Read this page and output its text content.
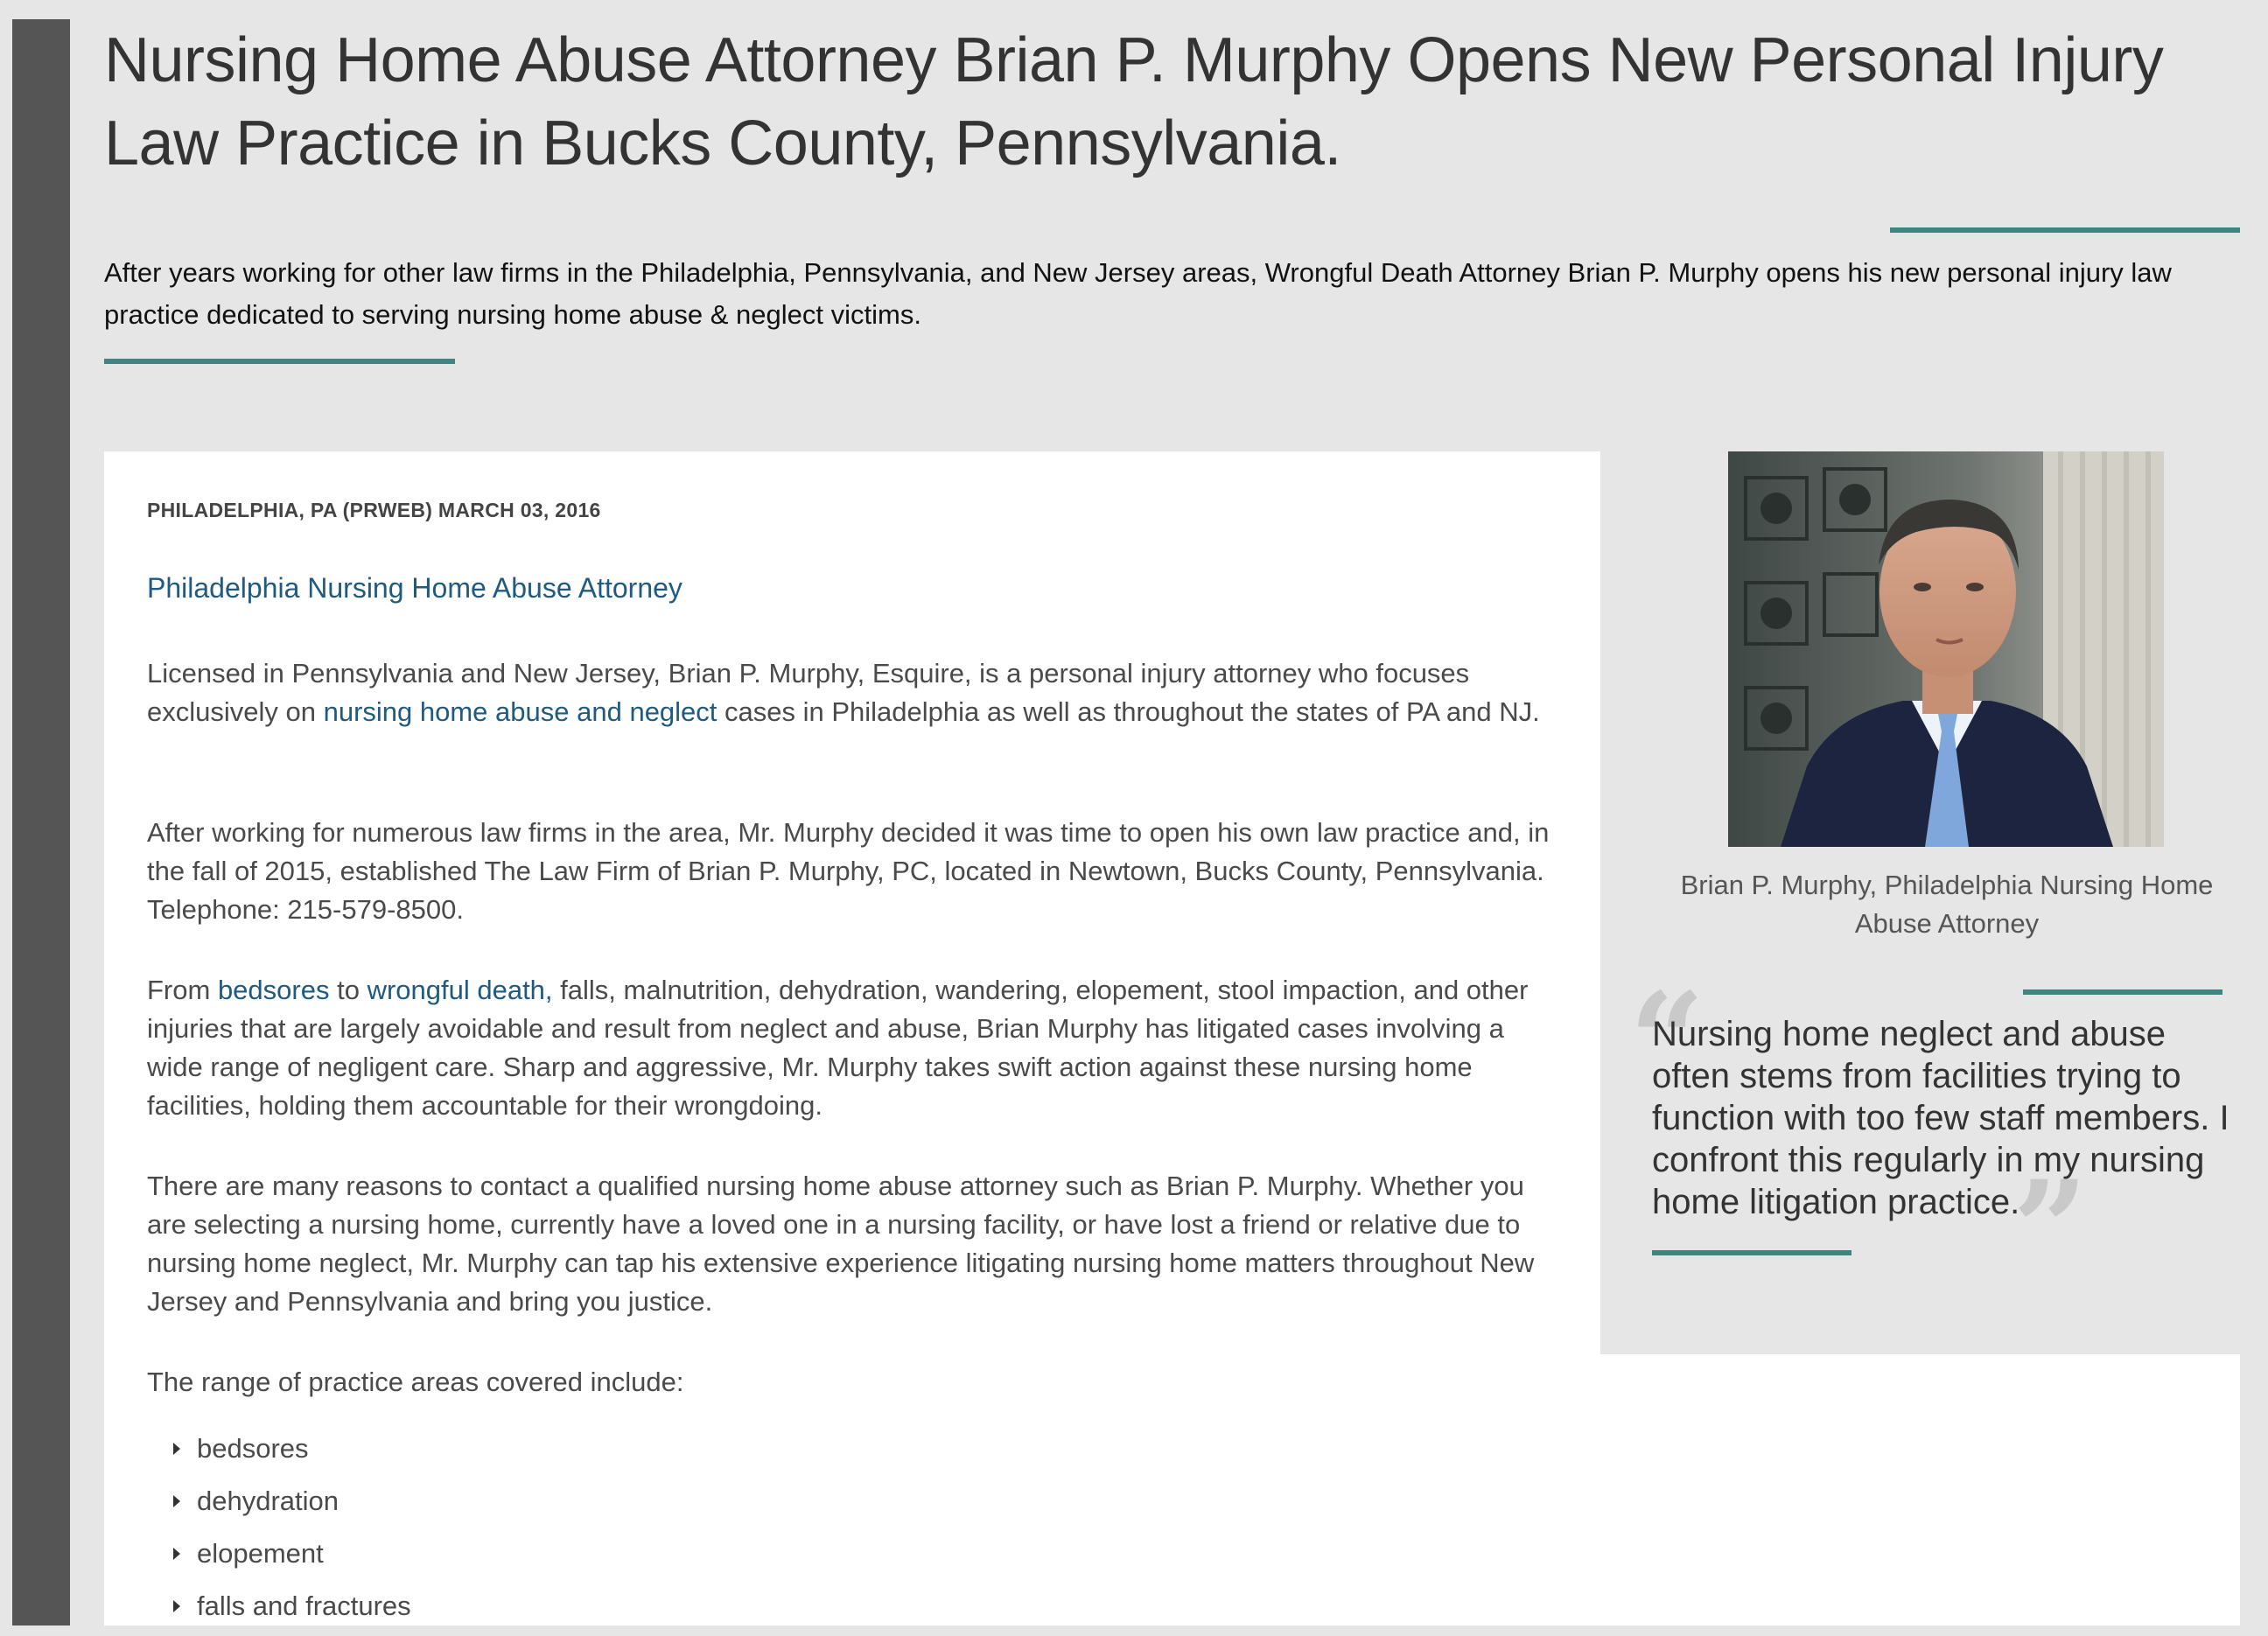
Nursing Home Abuse Attorney Brian P. Murphy Opens New Personal Injury Law Practice in Bucks County, Pennsylvania.

After years working for other law firms in the Philadelphia, Pennsylvania, and New Jersey areas, Wrongful Death Attorney Brian P. Murphy opens his new personal injury law practice dedicated to serving nursing home abuse & neglect victims.

PHILADELPHIA, PA (PRWEB) MARCH 03, 2016

Philadelphia Nursing Home Abuse Attorney

Licensed in Pennsylvania and New Jersey, Brian P. Murphy, Esquire, is a personal injury attorney who focuses exclusively on nursing home abuse and neglect cases in Philadelphia as well as throughout the states of PA and NJ.

After working for numerous law firms in the area, Mr. Murphy decided it was time to open his own law practice and, in the fall of 2015, established The Law Firm of Brian P. Murphy, PC, located in Newtown, Bucks County, Pennsylvania. Telephone: 215-579-8500.

From bedsores to wrongful death, falls, malnutrition, dehydration, wandering, elopement, stool impaction, and other injuries that are largely avoidable and result from neglect and abuse, Brian Murphy has litigated cases involving a wide range of negligent care. Sharp and aggressive, Mr. Murphy takes swift action against these nursing home facilities, holding them accountable for their wrongdoing.

There are many reasons to contact a qualified nursing home abuse attorney such as Brian P. Murphy. Whether you are selecting a nursing home, currently have a loved one in a nursing facility, or have lost a friend or relative due to nursing home neglect, Mr. Murphy can tap his extensive experience litigating nursing home matters throughout New Jersey and Pennsylvania and bring you justice.

The range of practice areas covered include:

bedsores
dehydration
elopement
falls and fractures

Brian P. Murphy, Philadelphia Nursing Home Abuse Attorney

“

Nursing home neglect and abuse often stems from facilities trying to function with too few staff members. I confront this regularly in my nursing home litigation practice.

”
